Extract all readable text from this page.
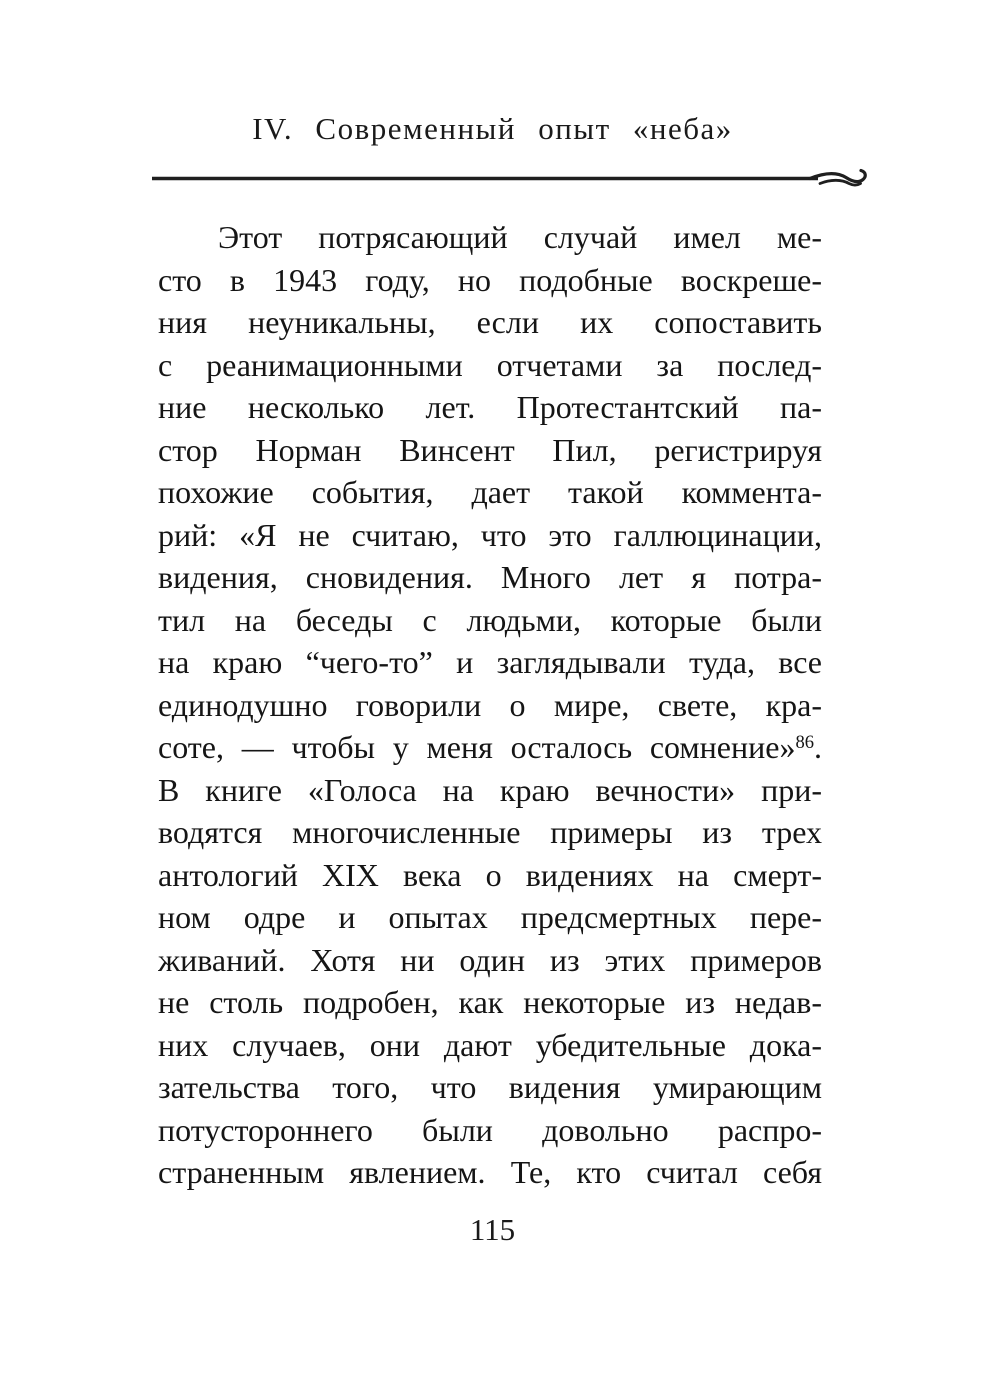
IV. Современный опыт «неба»
Этот потрясающий случай имел ме-
сто в 1943 году, но подобные воскреше-
ния неуникальны, если их сопоставить
с реанимационными отчетами за послед-
ние несколько лет. Протестантский па-
стор Норман Винсент Пил, регистрируя
похожие события, дает такой коммента-
рий: «Я не считаю, что это галлюцинации,
видения, сновидения. Много лет я потра-
тил на беседы с людьми, которые были
на краю “чего-то” и заглядывали туда, все
единодушно говорили о мире, свете, кра-
соте, — чтобы у меня осталось сомнение»$^{86}$.
В книге «Голоса на краю вечности» при-
водятся многочисленные примеры из трех
антологий XIX века о видениях на смерт-
ном одре и опытах предсмертных пере-
живаний. Хотя ни один из этих примеров
не столь подробен, как некоторые из недав-
них случаев, они дают убедительные дока-
зательства того, что видения умирающим
потустороннего были довольно распро-
страненным явлением. Те, кто считал себя
115
